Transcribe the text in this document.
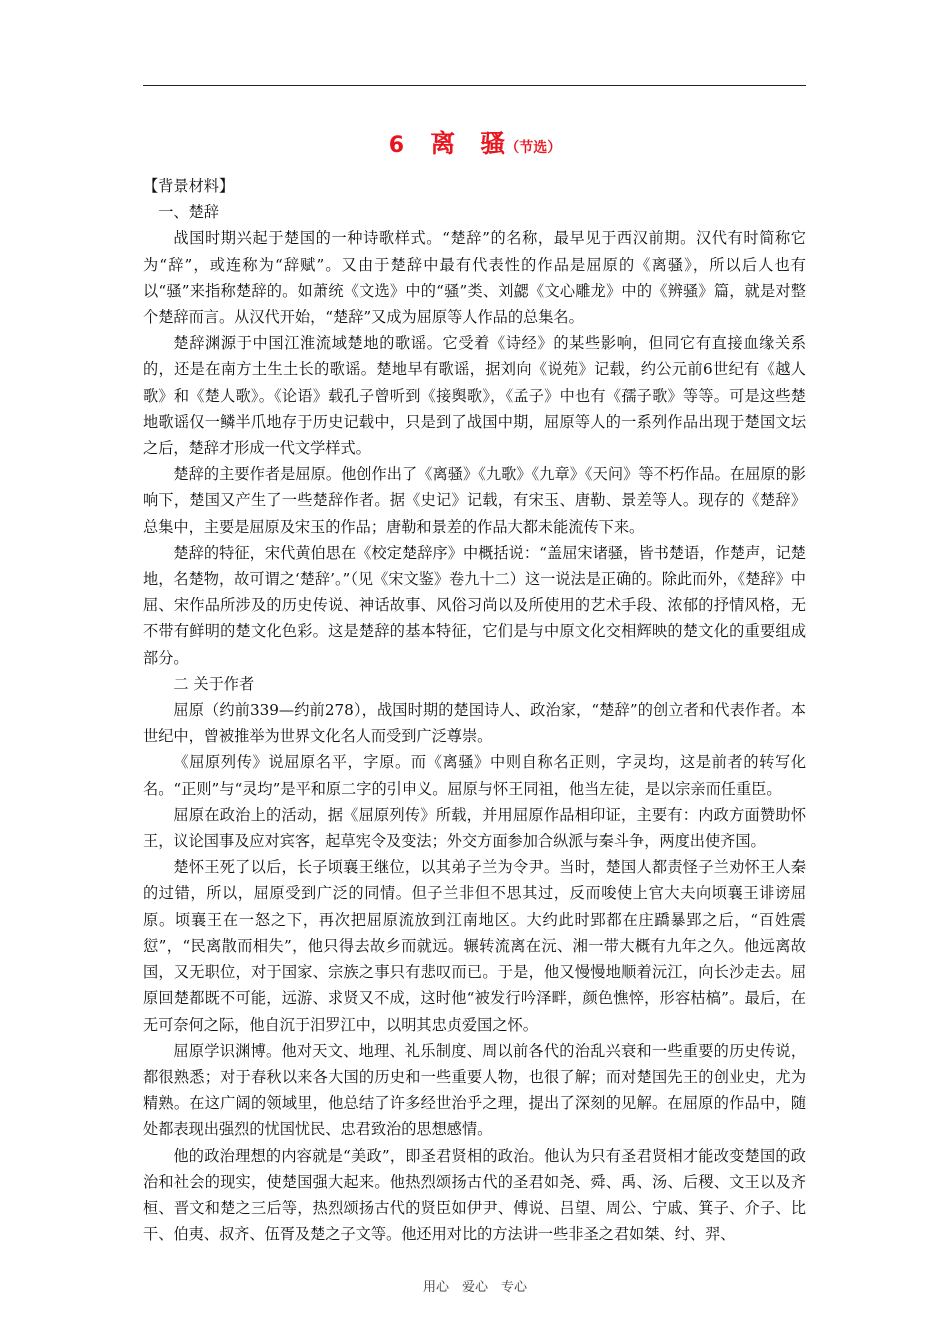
6 离　骚（节选）

【背景材料】

一、楚辞

战国时期兴起于楚国的一种诗歌样式。“楚辞”的名称，最早见于西汉前期。汉代有时简称它为“辞”，或连称为“辞赋”。又由于楚辞中最有代表性的作品是屈原的《离骚》，所以后人也有以“骚”来指称楚辞的。如萧统《文选》中的“骚”类、刘勰《文心雕龙》中的《辨骚》篇，就是对整个楚辞而言。从汉代开始，“楚辞”又成为屈原等人作品的总集名。

楚辞渊源于中国江淮流域楚地的歌谣。它受着《诗经》的某些影响，但同它有直接血缘关系的，还是在南方土生土长的歌谣。楚地早有歌谣，据刘向《说苑》记载，约公元前6世纪有《越人歌》和《楚人歌》。《论语》载孔子曾听到《接舆歌》，《孟子》中也有《孺子歌》等等。可是这些楚地歌谣仅一鳞半爪地存于历史记载中，只是到了战国中期，屈原等人的一系列作品出现于楚国文坛之后，楚辞才形成一代文学样式。

楚辞的主要作者是屈原。他创作出了《离骚》《九歌》《九章》《天问》等不朽作品。在屈原的影响下，楚国又产生了一些楚辞作者。据《史记》记载，有宋玉、唐勒、景差等人。现存的《楚辞》总集中，主要是屈原及宋玉的作品；唐勒和景差的作品大都未能流传下来。

楚辞的特征，宋代黄伯思在《校定楚辞序》中概括说：“盖屈宋诸骚，皆书楚语，作楚声，记楚地，名楚物，故可谓之‘楚辞’。”（见《宋文鉴》卷九十二）这一说法是正确的。除此而外，《楚辞》中屈、宋作品所涉及的历史传说、神话故事、风俗习尚以及所使用的艺术手段、浓郁的抒情风格，无不带有鲜明的楚文化色彩。这是楚辞的基本特征，它们是与中原文化交相辉映的楚文化的重要组成部分。

二 关于作者

屈原（约前339—约前278），战国时期的楚国诗人、政治家，“楚辞”的创立者和代表作者。本世纪中，曾被推举为世界文化名人而受到广泛尊崇。

《屈原列传》说屈原名平，字原。而《离骚》中则自称名正则，字灵均，这是前者的转写化名。“正则”与“灵均”是平和原二字的引申义。屈原与怀王同祖，他当左徒，是以宗亲而任重臣。

屈原在政治上的活动，据《屈原列传》所载，并用屈原作品相印证，主要有：内政方面赞助怀王，议论国事及应对宾客，起草宪令及变法；外交方面参加合纵派与秦斗争，两度出使齐国。

楚怀王死了以后，长子顷襄王继位，以其弟子兰为令尹。当时，楚国人都责怪子兰劝怀王人秦的过错，所以，屈原受到广泛的同情。但子兰非但不思其过，反而唆使上官大夫向顷襄王诽谤屈原。顷襄王在一怒之下，再次把屈原流放到江南地区。大约此时郢都在庄蹻暴郢之后，“百姓震愆”，“民离散而相失”，他只得去故乡而就远。辗转流离在沅、湘一带大概有九年之久。他远离故国，又无职位，对于国家、宗族之事只有悲叹而已。于是，他又慢慢地顺着沅江，向长沙走去。屈原回楚都既不可能，远游、求贤又不成，这时他“被发行吟泽畔，颜色憔悴，形容枯槁”。最后，在无可奈何之际，他自沉于汨罗江中，以明其忠贞爱国之怀。

屈原学识渊博。他对天文、地理、礼乐制度、周以前各代的治乱兴衰和一些重要的历史传说，都很熟悉；对于春秋以来各大国的历史和一些重要人物，也很了解；而对楚国先王的创业史，尤为精熟。在这广阔的领域里，他总结了许多经世治乎之理，提出了深刻的见解。在屈原的作品中，随处都表现出强烈的忧国忧民、忠君致治的思想感情。

他的政治理想的内容就是“美政”，即圣君贤相的政治。他认为只有圣君贤相才能改变楚国的政治和社会的现实，使楚国强大起来。他热烈颂扬古代的圣君如尧、舜、禹、汤、后稷、文王以及齐桓、晋文和楚之三后等，热烈颂扬古代的贤臣如伊尹、傅说、吕望、周公、宁戚、箕子、介子、比干、伯夷、叔齐、伍胥及楚之子文等。他还用对比的方法讲一些非圣之君如桀、纣、羿、

用心　爱心　专心
